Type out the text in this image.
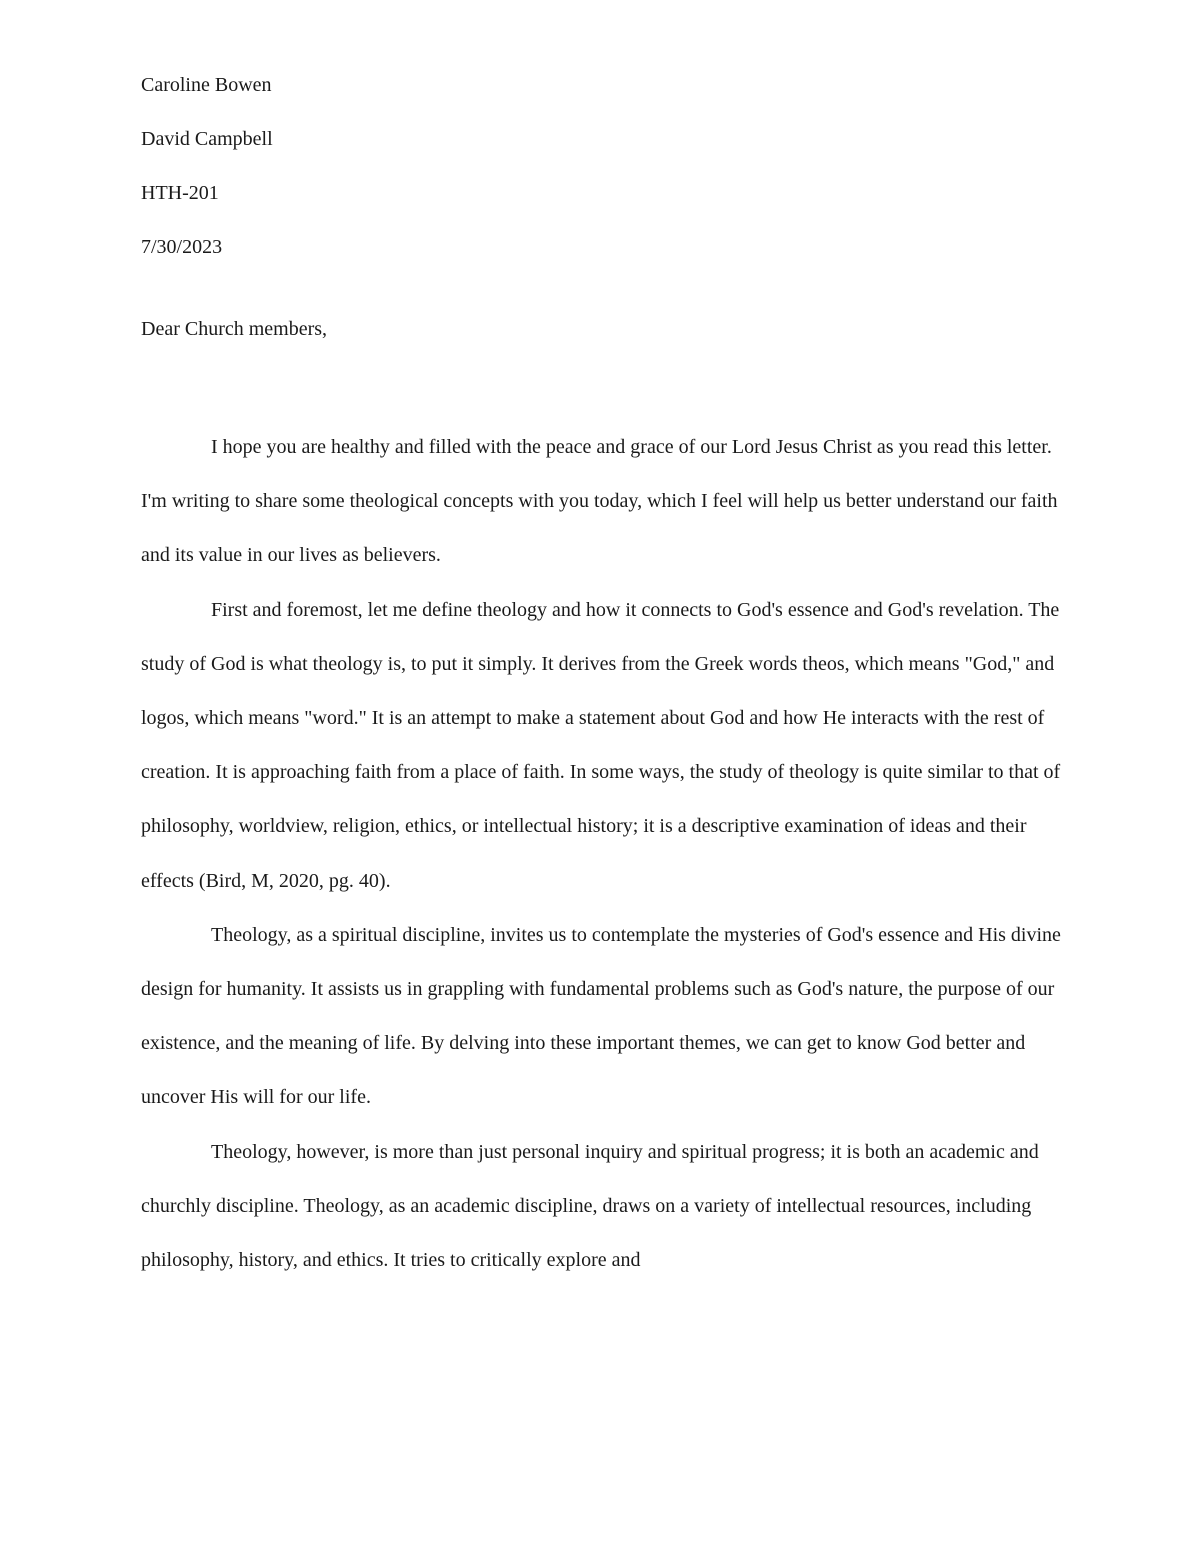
Caroline Bowen
David Campbell
HTH-201
7/30/2023
Dear Church members,

I hope you are healthy and filled with the peace and grace of our Lord Jesus Christ as you read this letter. I'm writing to share some theological concepts with you today, which I feel will help us better understand our faith and its value in our lives as believers.

First and foremost, let me define theology and how it connects to God's essence and God's revelation. The study of God is what theology is, to put it simply. It derives from the Greek words theos, which means "God," and logos, which means "word." It is an attempt to make a statement about God and how He interacts with the rest of creation. It is approaching faith from a place of faith. In some ways, the study of theology is quite similar to that of philosophy, worldview, religion, ethics, or intellectual history; it is a descriptive examination of ideas and their effects (Bird, M, 2020, pg. 40).

Theology, as a spiritual discipline, invites us to contemplate the mysteries of God's essence and His divine design for humanity. It assists us in grappling with fundamental problems such as God's nature, the purpose of our existence, and the meaning of life. By delving into these important themes, we can get to know God better and uncover His will for our life.

Theology, however, is more than just personal inquiry and spiritual progress; it is both an academic and churchly discipline. Theology, as an academic discipline, draws on a variety of intellectual resources, including philosophy, history, and ethics. It tries to critically explore and
